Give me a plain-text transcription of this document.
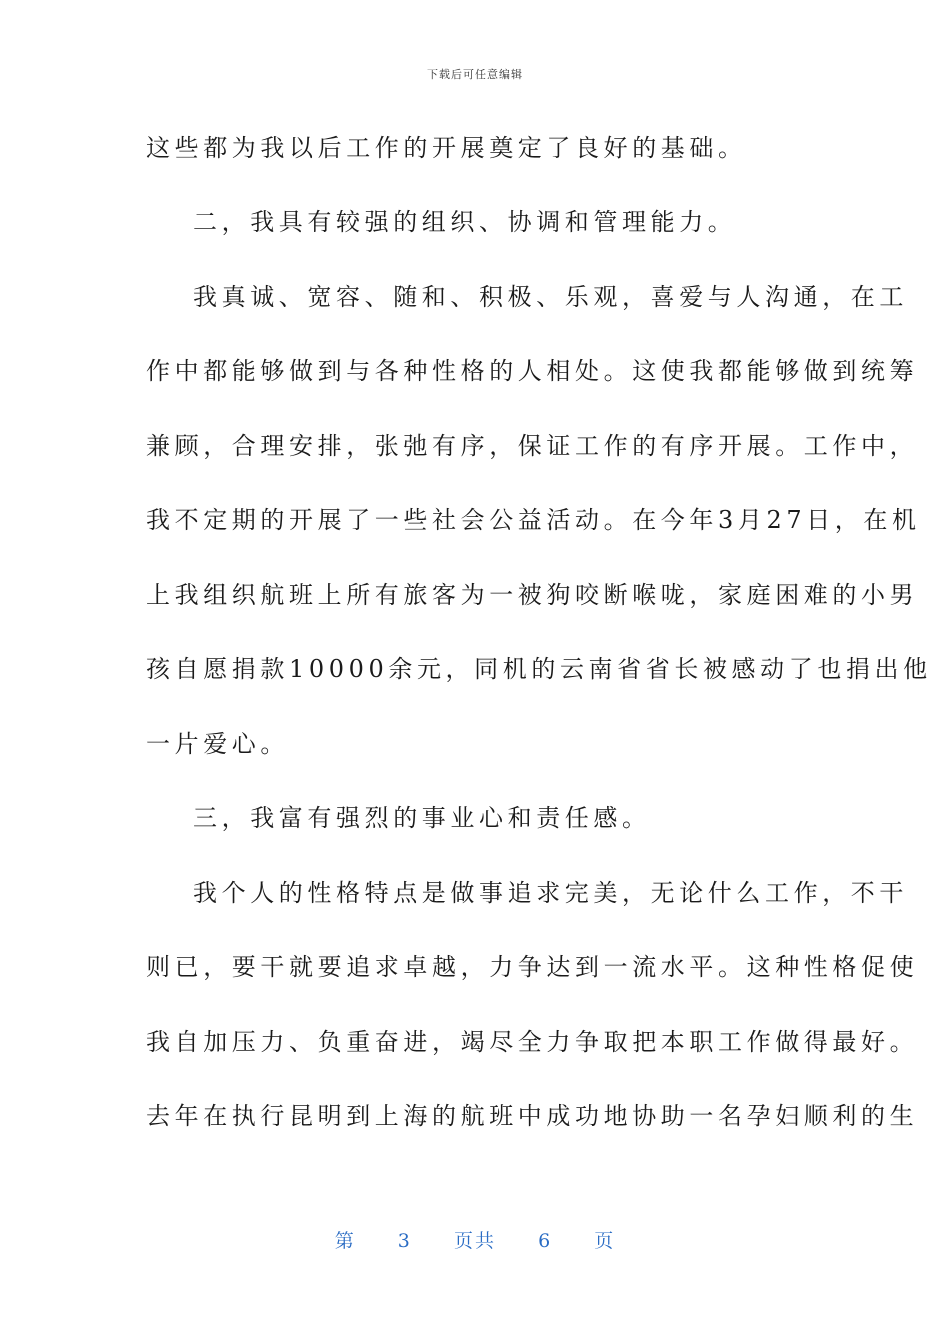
下载后可任意编辑
这些都为我以后工作的开展奠定了良好的基础。
二，我具有较强的组织、协调和管理能力。
我真诚、宽容、随和、积极、乐观，喜爱与人沟通，在工
作中都能够做到与各种性格的人相处。这使我都能够做到统筹
兼顾，合理安排，张弛有序，保证工作的有序开展。工作中，
我不定期的开展了一些社会公益活动。在今年3月27日，在机
上我组织航班上所有旅客为一被狗咬断喉咙，家庭困难的小男
孩自愿捐款10000余元，同机的云南省省长被感动了也捐出他
一片爱心。
三，我富有强烈的事业心和责任感。
我个人的性格特点是做事追求完美，无论什么工作，不干
则已，要干就要追求卓越，力争达到一流水平。这种性格促使
我自加压力、负重奋进，竭尽全力争取把本职工作做得最好。
去年在执行昆明到上海的航班中成功地协助一名孕妇顺利的生
第 3 页共 6 页
